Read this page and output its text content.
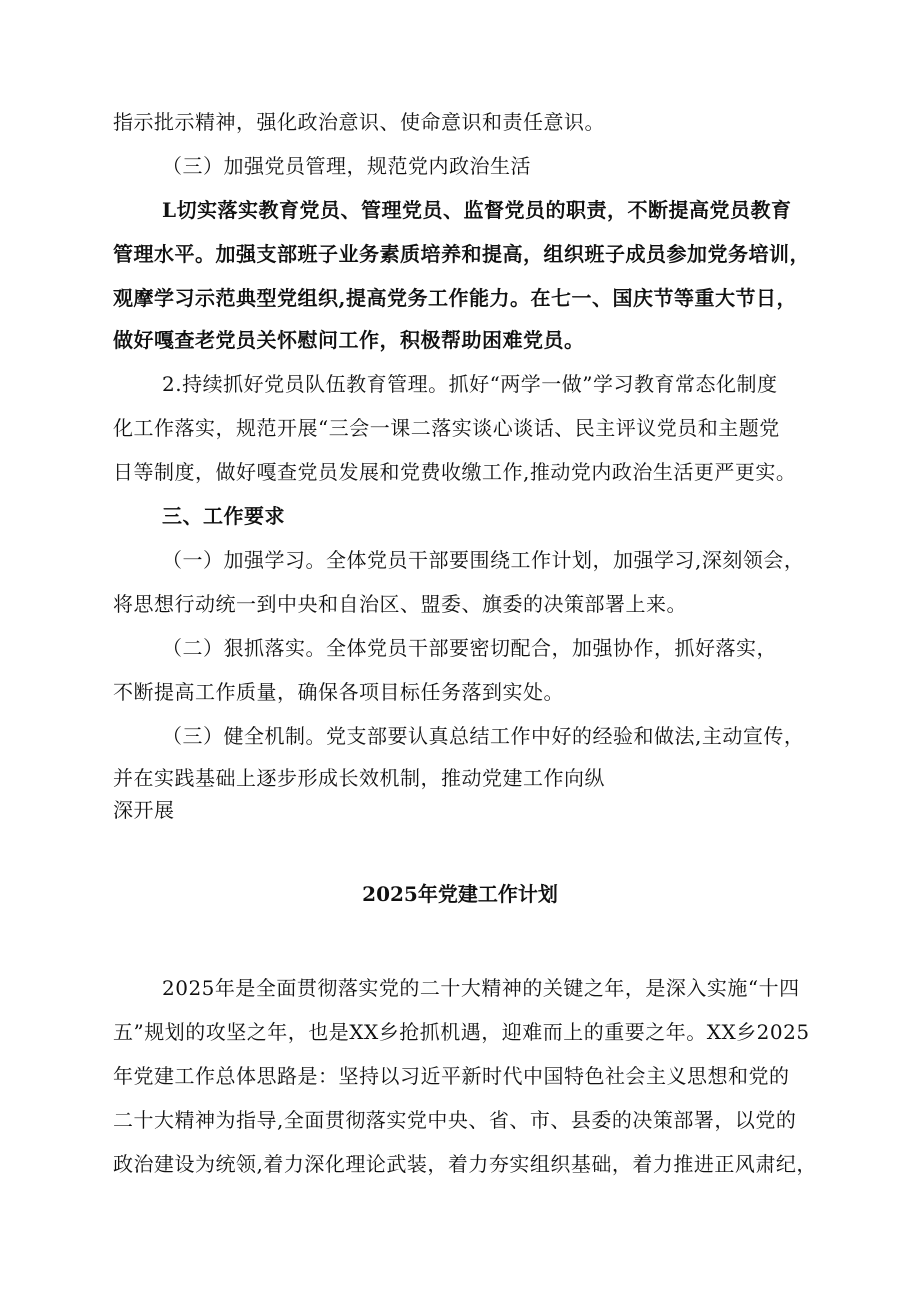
指示批示精神，强化政治意识、使命意识和责任意识。
（三）加强党员管理，规范党内政治生活
L切实落实教育党员、管理党员、监督党员的职责，不断提高党员教育
管理水平。加强支部班子业务素质培养和提高，组织班子成员参加党务培训，
观摩学习示范典型党组织,提高党务工作能力。在七一、国庆节等重大节日，
做好嘎查老党员关怀慰问工作，积极帮助困难党员。
2.持续抓好党员队伍教育管理。抓好“两学一做”学习教育常态化制度
化工作落实，规范开展“三会一课二落实谈心谈话、民主评议党员和主题党
日等制度，做好嘎查党员发展和党费收缴工作,推动党内政治生活更严更实。
三、工作要求
（一）加强学习。全体党员干部要围绕工作计划，加强学习,深刻领会，
将思想行动统一到中央和自治区、盟委、旗委的决策部署上来。
（二）狠抓落实。全体党员干部要密切配合，加强协作，抓好落实，
不断提高工作质量，确保各项目标任务落到实处。
（三）健全机制。党支部要认真总结工作中好的经验和做法,主动宣传，
并在实践基础上逐步形成长效机制，推动党建工作向纵
深开展
2025年党建工作计划
2025年是全面贯彻落实党的二十大精神的关键之年，是深入实施“十四
五”规划的攻坚之年，也是XX乡抢抓机遇，迎难而上的重要之年。XX乡2025
年党建工作总体思路是：坚持以习近平新时代中国特色社会主义思想和党的
二十大精神为指导,全面贯彻落实党中央、省、市、县委的决策部署，以党的
政治建设为统领,着力深化理论武装，着力夯实组织基础，着力推进正风肃纪，
